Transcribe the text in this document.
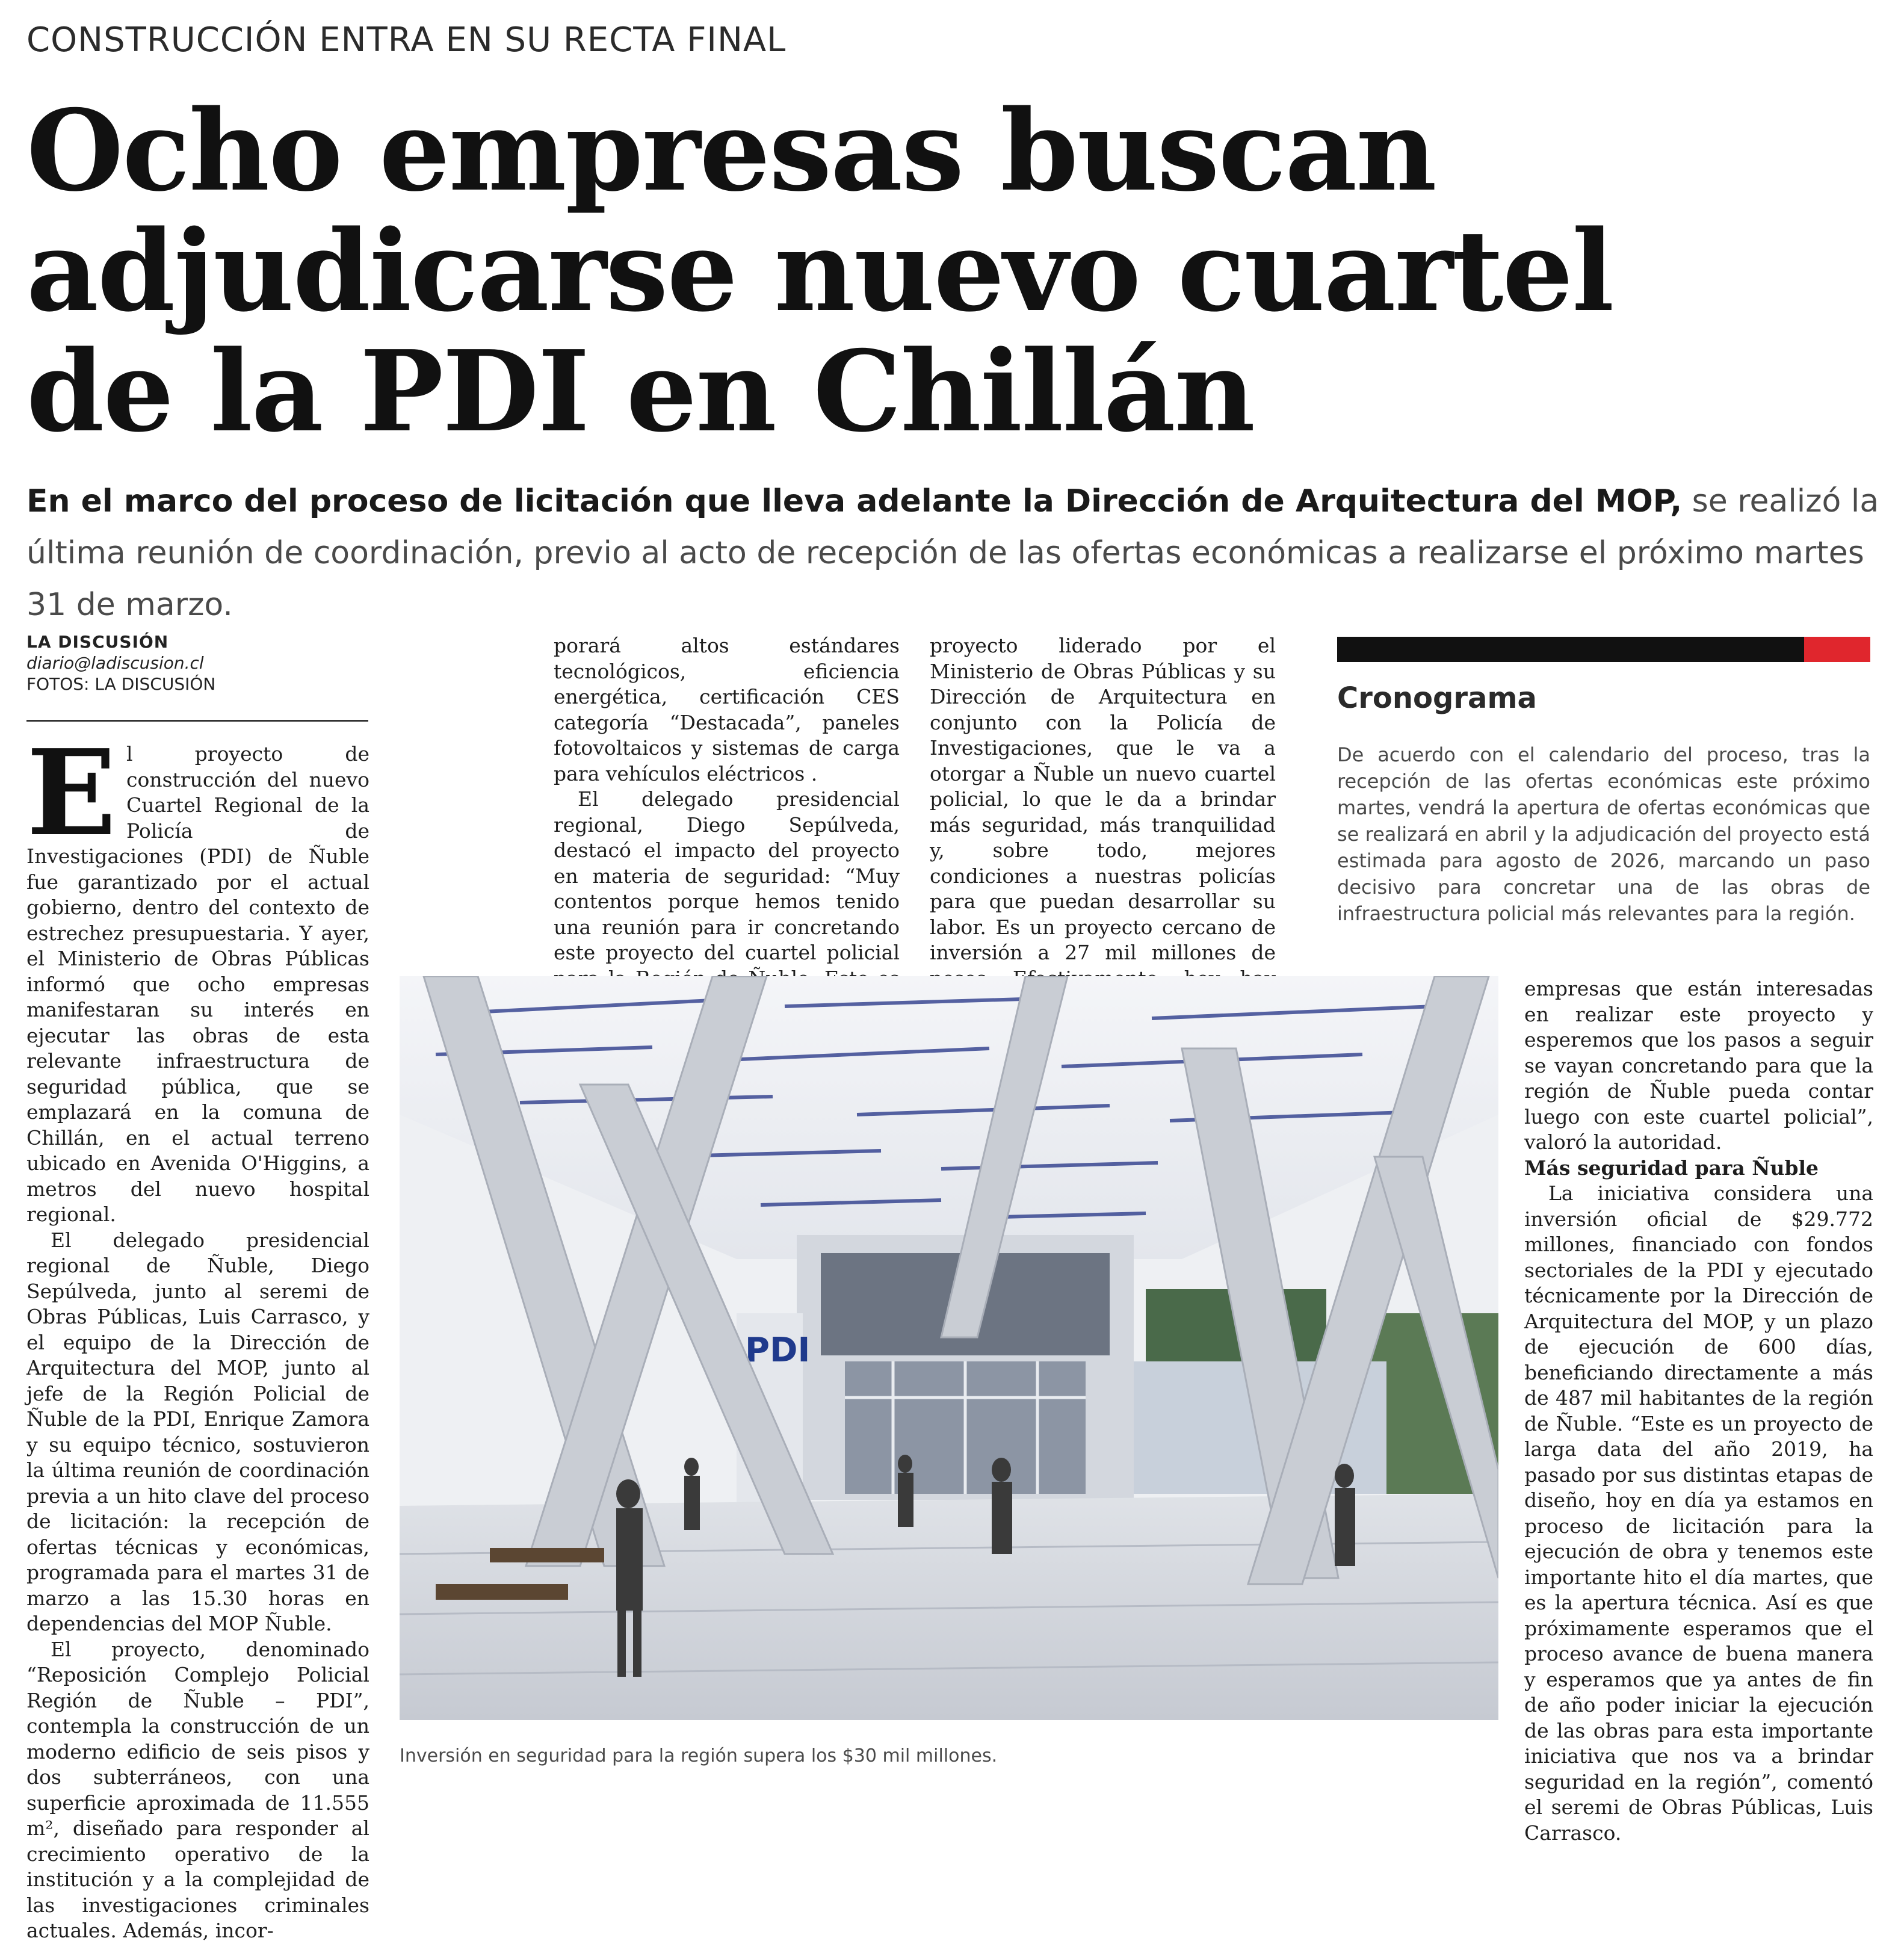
CONSTRUCCIÓN ENTRA EN SU RECTA FINAL
Ocho empresas buscan
adjudicarse nuevo cuartel
de la PDI en Chillán
En el marco del proceso de licitación que lleva adelante la Dirección de Arquitectura del MOP, se realizó la última reunión de coordinación, previo al acto de recepción de las ofertas económicas a realizarse el próximo martes 31 de marzo.
LA DISCUSIÓN
diario@ladiscusion.cl
FOTOS: LA DISCUSIÓN
E l proyecto de construcción del nuevo Cuartel Regional de la Policía de Investigaciones (PDI) de Ñuble fue garantizado por el actual gobierno, dentro del contexto de estrechez presupuestaria. Y ayer, el Ministerio de Obras Públicas informó que ocho empresas manifestaran su interés en ejecutar las obras de esta relevante infraestructura de seguridad pública, que se emplazará en la comuna de Chillán, en el actual terreno ubicado en Avenida O'Higgins, a metros del nuevo hospital regional.

El delegado presidencial regional de Ñuble, Diego Sepúlveda, junto al seremi de Obras Públicas, Luis Carrasco, y el equipo de la Dirección de Arquitectura del MOP, junto al jefe de la Región Policial de Ñuble de la PDI, Enrique Zamora y su equipo técnico, sostuvieron la última reunión de coordinación previa a un hito clave del proceso de licitación: la recepción de ofertas técnicas y económicas, programada para el martes 31 de marzo a las 15.30 horas en dependencias del MOP Ñuble.

El proyecto, denominado “Reposición Complejo Policial Región de Ñuble – PDI”, contempla la construcción de un moderno edificio de seis pisos y dos subterráneos, con una superficie aproximada de 11.555 m², diseñado para responder al crecimiento operativo de la institución y a la complejidad de las investigaciones criminales actuales. Además, incor-

porará altos estándares tecnológicos, eficiencia energética, certificación CES categoría “Destacada”, paneles fotovoltaicos y sistemas de carga para vehículos eléctricos .

El delegado presidencial regional, Diego Sepúlveda, destacó el impacto del proyecto en materia de seguridad: “Muy contentos porque hemos tenido una reunión para ir concretando este proyecto del cuartel policial

proyecto liderado por el Ministerio de Obras Públicas y su Dirección de Arquitectura en conjunto con la Policía de Investigaciones, que le va a otorgar a Ñuble un nuevo cuartel policial, lo que le da a brindar más seguridad, más tranquilidad y, sobre todo, mejores condiciones a nuestras policías para que puedan desarrollar su labor. Es un proyecto cercano de inversión a 27 mil millones de

Cronograma
De acuerdo con el calendario del proceso, tras la recepción de las ofertas económicas este próximo martes, vendrá la apertura de ofertas económicas que se realizará en abril y la adjudicación del proyecto está estimada para agosto de 2026, marcando un paso decisivo para concretar una de las obras de infraestructura policial más relevantes para la región.
PDI
Inversión en seguridad para la región supera los $30 mil millones.

empresas que están interesadas en realizar este proyecto y esperemos que los pasos a seguir se vayan concretando para que la región de Ñuble pueda contar luego con este cuartel policial”, valoró la autoridad.

Más seguridad para Ñuble

La iniciativa considera una inversión oficial de $29.772 millones, financiado con fondos sectoriales de la PDI y ejecutado técnicamente por la Dirección de Arquitectura del MOP, y un plazo de ejecución de 600 días, beneficiando directamente a más de 487 mil habitantes de la región de Ñuble. “Este es un proyecto de larga data del año 2019, ha pasado por sus distintas etapas de diseño, hoy en día ya estamos en proceso de licitación para la ejecución de obra y tenemos este importante hito el día martes, que es la apertura técnica. Así es que próximamente esperamos que el proceso avance de buena manera y esperamos que ya antes de fin de año poder iniciar la ejecución de las obras para esta importante iniciativa que nos va a brindar seguridad en la región”, comentó el seremi de Obras Públicas, Luis Carrasco.
